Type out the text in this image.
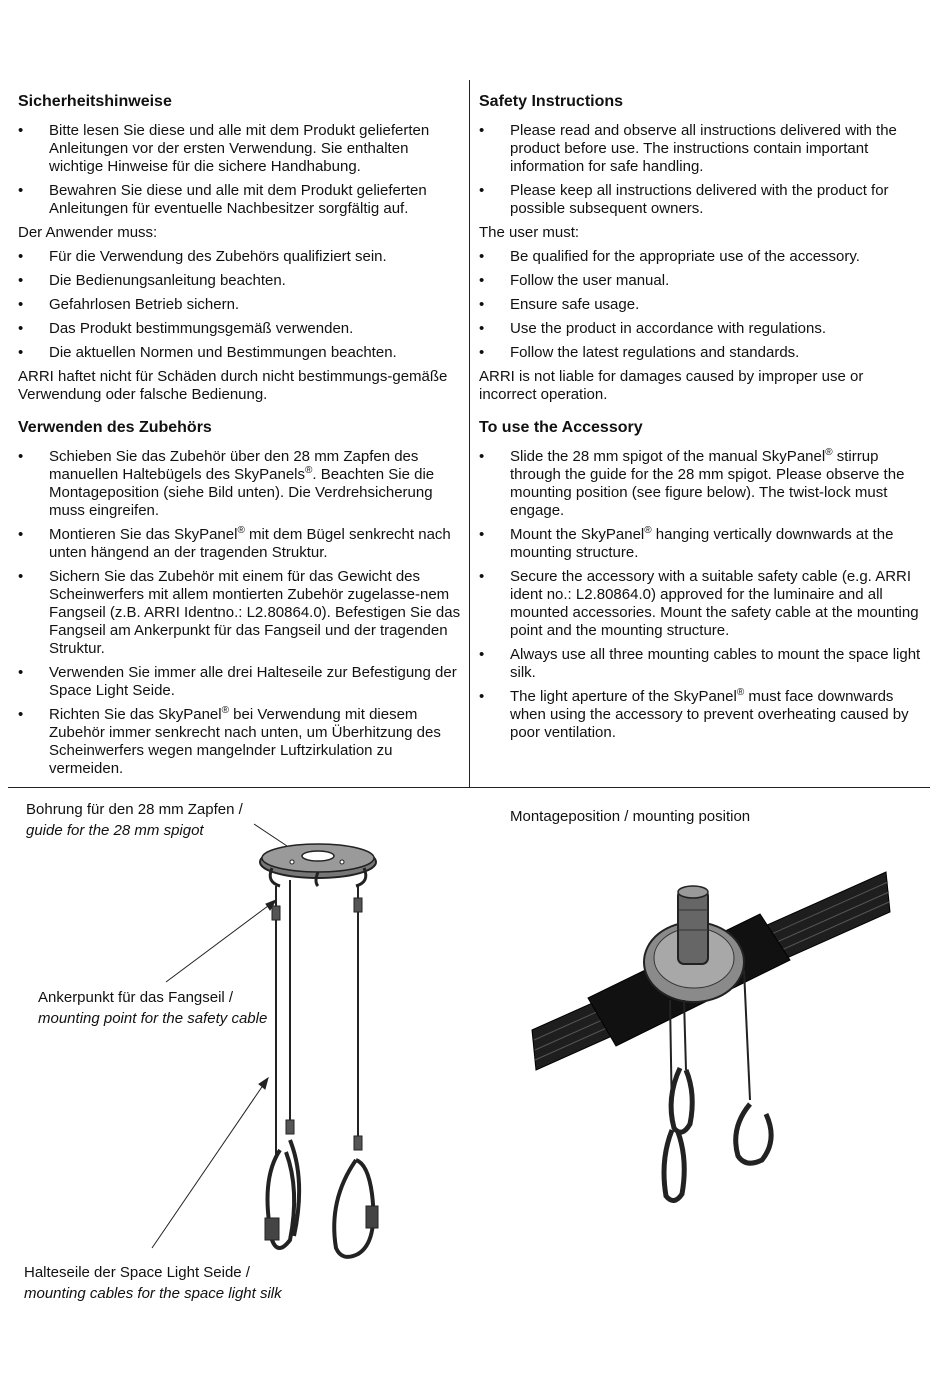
Sicherheitshinweise
• Bitte lesen Sie diese und alle mit dem Produkt gelieferten Anleitungen vor der ersten Verwendung. Sie enthalten wichtige Hinweise für die sichere Handhabung.
• Bewahren Sie diese und alle mit dem Produkt gelieferten Anleitungen für eventuelle Nachbesitzer sorgfältig auf.

Der Anwender muss:

• Für die Verwendung des Zubehörs qualifiziert sein.
• Die Bedienungsanleitung beachten.
• Gefahrlosen Betrieb sichern.
• Das Produkt bestimmungsgemäß verwenden.
• Die aktuellen Normen und Bestimmungen beachten.

ARRI haftet nicht für Schäden durch nicht bestimmungs-gemäße Verwendung oder falsche Bedienung.

Verwenden des Zubehörs
• Schieben Sie das Zubehör über den 28 mm Zapfen des manuellen Haltebügels des SkyPanels®. Beachten Sie die Montageposition (siehe Bild unten). Die Verdrehsicherung muss eingreifen.
• Montieren Sie das SkyPanel® mit dem Bügel senkrecht nach unten hängend an der tragenden Struktur.
• Sichern Sie das Zubehör mit einem für das Gewicht des Scheinwerfers mit allem montierten Zubehör zugelasse-nem Fangseil (z.B. ARRI Identno.: L2.80864.0). Befestigen Sie das Fangseil am Ankerpunkt für das Fangseil und der tragenden Struktur.
• Verwenden Sie immer alle drei Halteseile zur Befestigung der Space Light Seide.
• Richten Sie das SkyPanel® bei Verwendung mit diesem Zubehör immer senkrecht nach unten, um Überhitzung des Scheinwerfers wegen mangelnder Luftzirkulation zu vermeiden.
Safety Instructions
• Please read and observe all instructions delivered with the product before use. The instructions contain important information for safe handling.
• Please keep all instructions delivered with the product for possible subsequent owners.

The user must:

• Be qualified for the appropriate use of the accessory.
• Follow the user manual.
• Ensure safe usage.
• Use the product in accordance with regulations.
• Follow the latest regulations and standards.

ARRI is not liable for damages caused by improper use or incorrect operation.

To use the Accessory
• Slide the 28 mm spigot of the manual SkyPanel® stirrup through the guide for the 28 mm spigot. Please observe the mounting position (see figure below). The twist-lock must engage.
• Mount the SkyPanel® hanging vertically downwards at the mounting structure.
• Secure the accessory with a suitable safety cable (e.g. ARRI ident no.: L2.80864.0) approved for the luminaire and all mounted accessories. Mount the safety cable at the mounting point and the mounting structure.
• Always use all three mounting cables to mount the space light silk.
• The light aperture of the SkyPanel® must face downwards when using the accessory to prevent overheating caused by poor ventilation.
Bohrung für den 28 mm Zapfen /
guide for the 28 mm spigot
Ankerpunkt für das Fangseil /
mounting point for the safety cable
Halteseile der Space Light Seide /
mounting cables for the space light silk
Montageposition / mounting position
